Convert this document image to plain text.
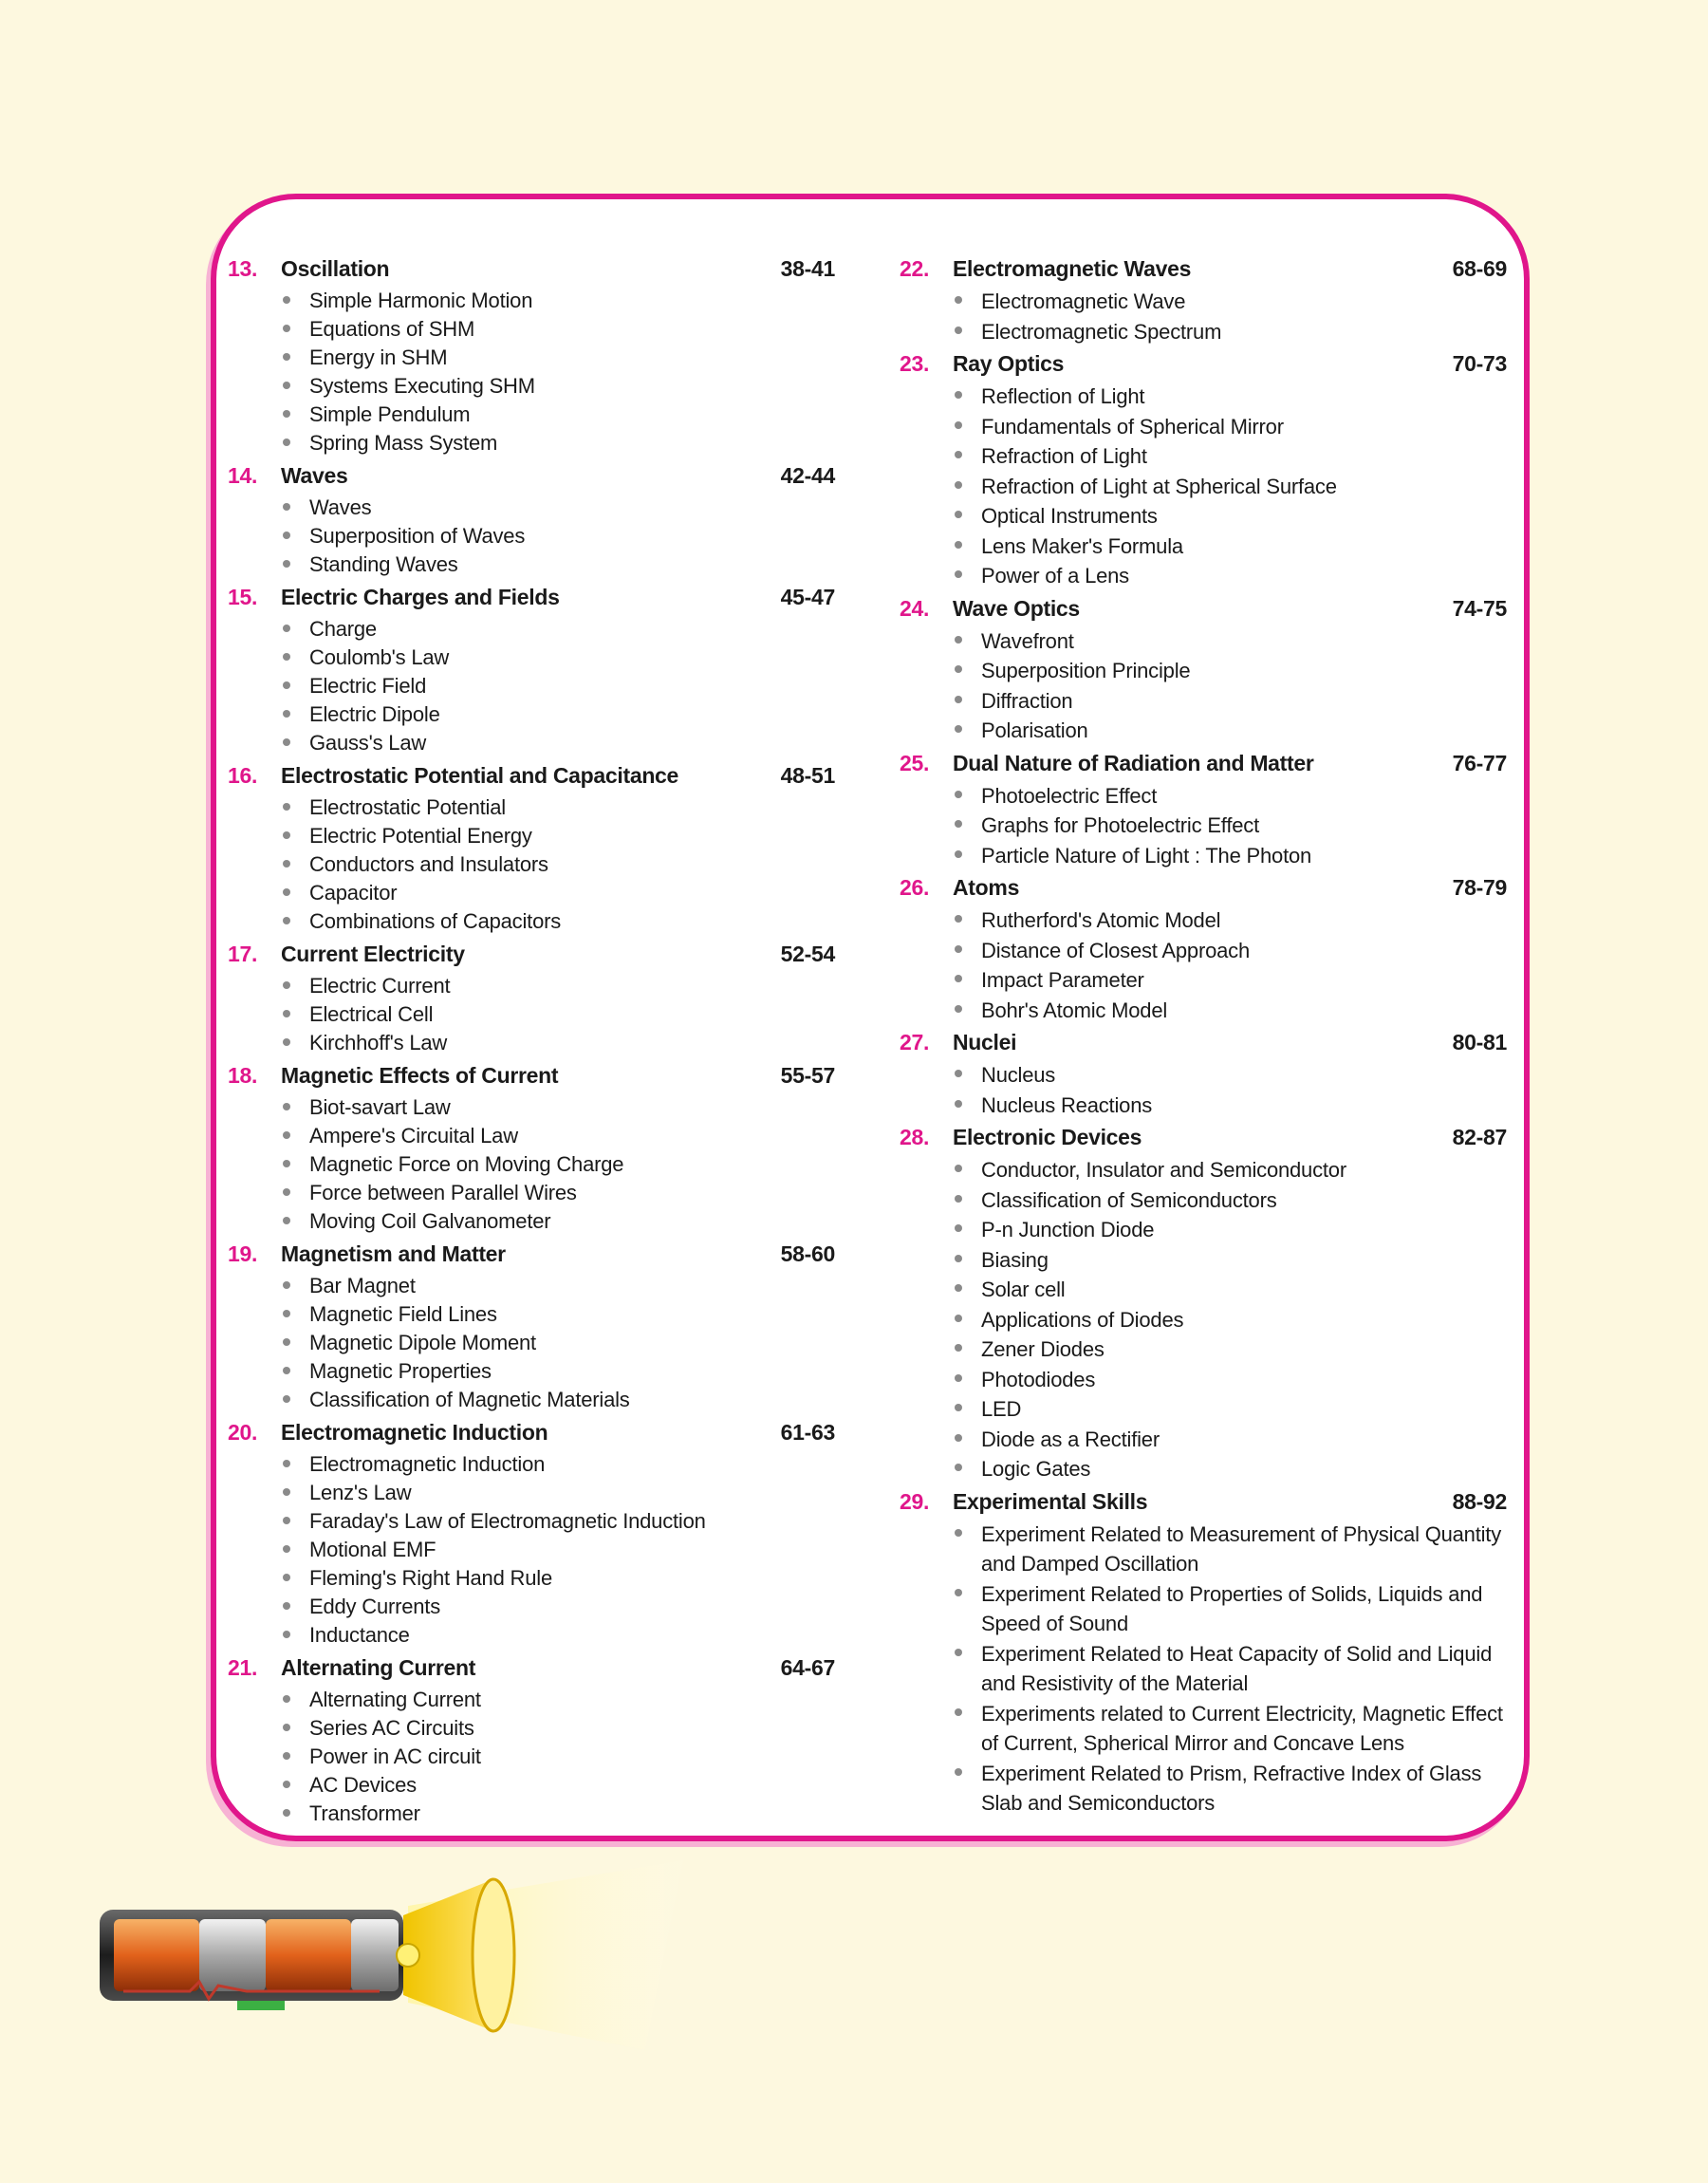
13.	Oscillation	38-41
Simple Harmonic Motion
Equations of SHM
Energy in SHM
Systems Executing SHM
Simple Pendulum
Spring Mass System
14.	Waves	42-44
Waves
Superposition of Waves
Standing Waves
15.	Electric Charges and Fields	45-47
Charge
Coulomb's Law
Electric Field
Electric Dipole
Gauss's Law
16.	Electrostatic Potential and Capacitance	48-51
Electrostatic Potential
Electric Potential Energy
Conductors and Insulators
Capacitor
Combinations of Capacitors
17.	Current Electricity	52-54
Electric Current
Electrical Cell
Kirchhoff's Law
18.	Magnetic Effects of Current	55-57
Biot-savart Law
Ampere's Circuital Law
Magnetic Force on Moving Charge
Force between Parallel Wires
Moving Coil Galvanometer
19.	Magnetism and Matter	58-60
Bar Magnet
Magnetic Field Lines
Magnetic Dipole Moment
Magnetic Properties
Classification of Magnetic Materials
20.	Electromagnetic Induction	61-63
Electromagnetic Induction
Lenz's Law
Faraday's Law of Electromagnetic Induction
Motional EMF
Fleming's Right Hand Rule
Eddy Currents
Inductance
21.	Alternating Current	64-67
Alternating Current
Series AC Circuits
Power in AC circuit
AC Devices
Transformer
22.	Electromagnetic Waves	68-69
Electromagnetic Wave
Electromagnetic Spectrum
23.	Ray Optics	70-73
Reflection of Light
Fundamentals of Spherical Mirror
Refraction of Light
Refraction of Light at Spherical Surface
Optical Instruments
Lens Maker's Formula
Power of a Lens
24.	Wave Optics	74-75
Wavefront
Superposition Principle
Diffraction
Polarisation
25.	Dual Nature of Radiation and Matter	76-77
Photoelectric Effect
Graphs for Photoelectric Effect
Particle Nature of Light : The Photon
26.	Atoms	78-79
Rutherford's Atomic Model
Distance of Closest Approach
Impact Parameter
Bohr's Atomic Model
27.	Nuclei	80-81
Nucleus
Nucleus Reactions
28.	Electronic Devices	82-87
Conductor, Insulator and Semiconductor
Classification of Semiconductors
P-n Junction Diode
Biasing
Solar cell
Applications of Diodes
Zener Diodes
Photodiodes
LED
Diode as a Rectifier
Logic Gates
29.	Experimental Skills	88-92
Experiment Related to Measurement of Physical Quantity and Damped Oscillation
Experiment Related to Properties of Solids, Liquids and Speed of Sound
Experiment Related to Heat Capacity of Solid and Liquid and Resistivity of the Material
Experiments related to Current Electricity, Magnetic Effect of Current, Spherical Mirror and Concave Lens
Experiment Related to Prism, Refractive Index of Glass Slab and Semiconductors
